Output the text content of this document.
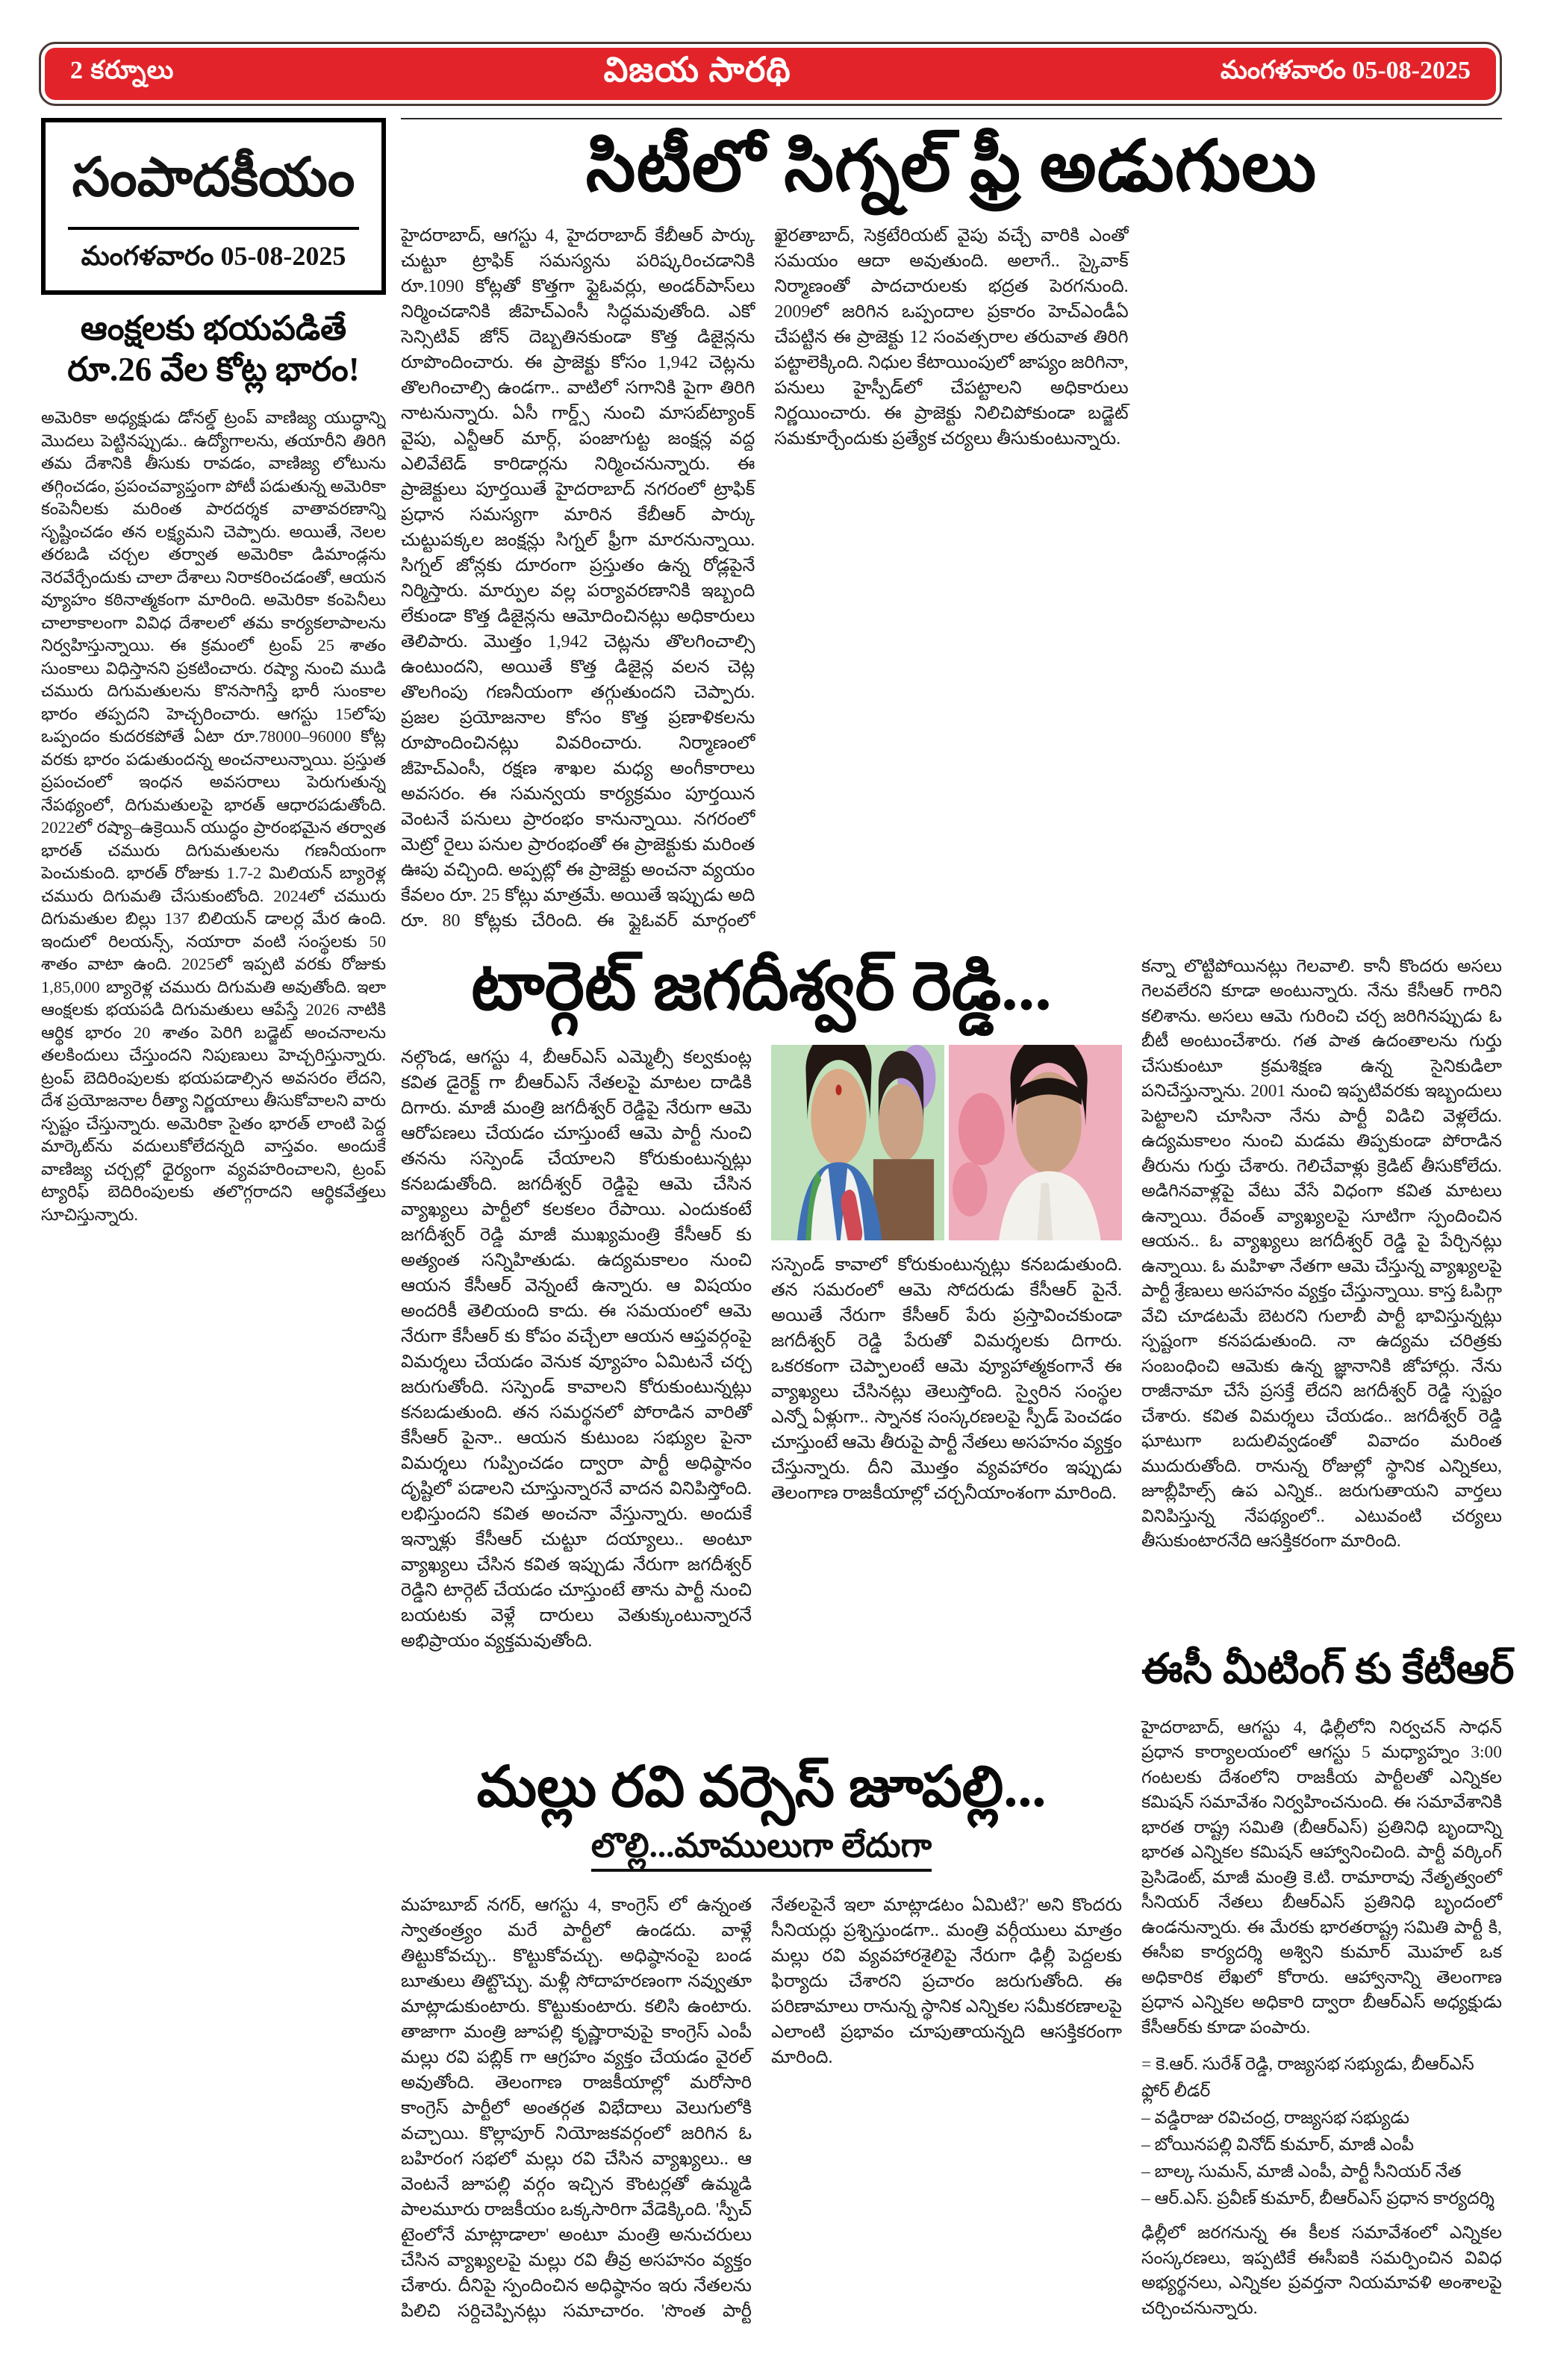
2 కర్నూలు	విజయ సారథి	మంగళవారం 05-08-2025
సంపాదకీయం
మంగళవారం 05-08-2025
ఆంక్షలకు భయపడితే రూ.26 వేల కోట్ల భారం!
అమెరికా అధ్యక్షుడు డోనల్డ్ ట్రంప్ వాణిజ్య యుద్ధాన్ని మొదలు పెట్టినప్పుడు.. ఉద్యోగాలను, తయారీని తిరిగి తమ దేశానికి తీసుకు రావడం, వాణిజ్య లోటును తగ్గించడం, ప్రపంచవ్యాప్తంగా పోటీ పడుతున్న అమెరికా కంపెనీలకు మరింత పారదర్శక వాతావరణాన్ని సృష్టించడం తన లక్ష్యమని చెప్పారు. అయితే, నెలల తరబడి చర్చల తర్వాత అమెరికా డిమాండ్లను నెరవేర్చేందుకు చాలా దేశాలు నిరాకరించడంతో, ఆయన వ్యూహం కఠినాత్మకంగా మారింది. అమెరికా కంపెనీలు చాలాకాలంగా వివిధ దేశాలలో తమ కార్యకలాపాలను నిర్వహిస్తున్నాయి. ఈ క్రమంలో ట్రంప్ 25 శాతం సుంకాలు విధిస్తానని ప్రకటించారు. రష్యా నుంచి ముడి చమురు దిగుమతులను కొనసాగిస్తే భారీ సుంకాల భారం తప్పదని హెచ్చరించారు. ఆగస్టు 15లోపు ఒప్పందం కుదరకపోతే ఏటా రూ.78000–96000 కోట్ల వరకు భారం పడుతుందన్న అంచనాలున్నాయి. ప్రస్తుత ప్రపంచంలో ఇంధన అవసరాలు పెరుగుతున్న నేపథ్యంలో, దిగుమతులపై భారత్ ఆధారపడుతోంది. 2022లో రష్యా–ఉక్రెయిన్ యుద్ధం ప్రారంభమైన తర్వాత భారత్ చమురు దిగుమతులను గణనీయంగా పెంచుకుంది. భారత్ రోజుకు 1.7-2 మిలియన్ బ్యారెళ్ల చమురు దిగుమతి చేసుకుంటోంది. 2024లో చమురు దిగుమతుల బిల్లు 137 బిలియన్ డాలర్ల మేర ఉంది. ఇందులో రిలయన్స్, నయారా వంటి సంస్థలకు 50 శాతం వాటా ఉంది. 2025లో ఇప్పటి వరకు రోజుకు 1,85,000 బ్యారెళ్ల చమురు దిగుమతి అవుతోంది. ఇలా ఆంక్షలకు భయపడి దిగుమతులు ఆపేస్తే 2026 నాటికి ఆర్థిక భారం 20 శాతం పెరిగి బడ్జెట్ అంచనాలను తలకిందులు చేస్తుందని నిపుణులు హెచ్చరిస్తున్నారు. ట్రంప్ బెదిరింపులకు భయపడాల్సిన అవసరం లేదని, దేశ ప్రయోజనాల రీత్యా నిర్ణయాలు తీసుకోవాలని వారు స్పష్టం చేస్తున్నారు. అమెరికా సైతం భారత్ లాంటి పెద్ద మార్కెట్‌ను వదులుకోలేదన్నది వాస్తవం. అందుకే వాణిజ్య చర్చల్లో ధైర్యంగా వ్యవహరించాలని, ట్రంప్ ట్యారిఫ్ బెదిరింపులకు తలొగ్గరాదని ఆర్థికవేత్తలు సూచిస్తున్నారు.
సిటీలో సిగ్నల్ ఫ్రీ అడుగులు
హైదరాబాద్, ఆగస్టు 4, హైదరాబాద్ కేబీఆర్ పార్కు చుట్టూ ట్రాఫిక్ సమస్యను పరిష్కరించడానికి రూ.1090 కోట్లతో కొత్తగా ఫ్లైఓవర్లు, అండర్‌పాస్‌లు నిర్మించడానికి జీహెచ్ఎంసీ సిద్ధమవుతోంది. ఎకో సెన్సిటివ్ జోన్ దెబ్బతినకుండా కొత్త డిజైన్లను రూపొందించారు. ఈ ప్రాజెక్టు కోసం 1,942 చెట్లను తొలగించాల్సి ఉండగా.. వాటిలో సగానికి పైగా తిరిగి నాటనున్నారు. ఏసీ గార్డ్స్ నుంచి మాసబ్‌ట్యాంక్ వైపు, ఎన్టీఆర్ మార్గ్, పంజాగుట్ట జంక్షన్ల వద్ద ఎలివేటెడ్ కారిడార్లను నిర్మించనున్నారు. ఈ ప్రాజెక్టులు పూర్తయితే హైదరాబాద్ నగరంలో ట్రాఫిక్ ప్రధాన సమస్యగా మారిన కేబీఆర్ పార్కు చుట్టుపక్కల జంక్షన్లు సిగ్నల్ ఫ్రీగా మారనున్నాయి. సిగ్నల్ జోన్లకు దూరంగా ప్రస్తుతం ఉన్న రోడ్లపైనే నిర్మిస్తారు. మార్పుల వల్ల పర్యావరణానికి ఇబ్బంది లేకుండా కొత్త డిజైన్లను ఆమోదించినట్లు అధికారులు తెలిపారు. మొత్తం 1,942 చెట్లను తొలగించాల్సి ఉంటుందని, అయితే కొత్త డిజైన్ల వలన చెట్ల తొలగింపు గణనీయంగా తగ్గుతుందని చెప్పారు. ప్రజల ప్రయోజనాల కోసం కొత్త ప్రణాళికలను రూపొందించినట్లు వివరించారు. నిర్మాణంలో జీహెచ్ఎంసీ, రక్షణ శాఖల మధ్య అంగీకారాలు అవసరం. ఈ సమన్వయ కార్యక్రమం పూర్తయిన వెంటనే పనులు ప్రారంభం కానున్నాయి. నగరంలో మెట్రో రైలు పనుల ప్రారంభంతో ఈ ప్రాజెక్టుకు మరింత ఊపు వచ్చింది. అప్పట్లో ఈ ప్రాజెక్టు అంచనా వ్యయం కేవలం రూ. 25 కోట్లు మాత్రమే. అయితే ఇప్పుడు అది రూ. 80 కోట్లకు చేరింది. ఈ ఫ్లైఓవర్ మార్గంలో ఖైరతాబాద్, సెక్రటేరియట్ వైపు వచ్చే వారికి ఎంతో సమయం ఆదా అవుతుంది. అలాగే.. స్కైవాక్ నిర్మాణంతో పాదచారులకు భద్రత పెరగనుంది. 2009లో జరిగిన ఒప్పందాల ప్రకారం హెచ్ఎండీఏ చేపట్టిన ఈ ప్రాజెక్టు 12 సంవత్సరాల తరువాత తిరిగి పట్టాలెక్కింది. నిధుల కేటాయింపులో జాప్యం జరిగినా, పనులు హైస్పీడ్‌లో చేపట్టాలని అధికారులు నిర్ణయించారు. ఈ ప్రాజెక్టు నిలిచిపోకుండా బడ్జెట్ సమకూర్చేందుకు ప్రత్యేక చర్యలు తీసుకుంటున్నారు.
టార్గెట్ జగదీశ్వర్ రెడ్డి...
నల్గొండ, ఆగస్టు 4, బీఆర్ఎస్ ఎమ్మెల్సీ కల్వకుంట్ల కవిత డైరెక్ట్ గా బీఆర్ఎస్ నేతలపై మాటల దాడికి దిగారు. మాజీ మంత్రి జగదీశ్వర్ రెడ్డిపై నేరుగా ఆమె ఆరోపణలు చేయడం చూస్తుంటే ఆమె పార్టీ నుంచి తనను సస్పెండ్ చేయాలని కోరుకుంటున్నట్లు కనబడుతోంది. జగదీశ్వర్ రెడ్డిపై ఆమె చేసిన వ్యాఖ్యలు పార్టీలో కలకలం రేపాయి. ఎందుకంటే జగదీశ్వర్ రెడ్డి మాజీ ముఖ్యమంత్రి కేసీఆర్ కు అత్యంత సన్నిహితుడు. ఉద్యమకాలం నుంచి ఆయన కేసీఆర్ వెన్నంటే ఉన్నారు. ఆ విషయం అందరికీ తెలియంది కాదు. ఈ సమయంలో ఆమె నేరుగా కేసీఆర్ కు కోపం వచ్చేలా ఆయన ఆప్తవర్గంపై విమర్శలు చేయడం వెనుక వ్యూహం ఏమిటనే చర్చ జరుగుతోంది. సస్పెండ్ కావాలని కోరుకుంటున్నట్లు కనబడుతుంది. తన సమర్థనలో పోరాడిన వారితో కేసీఆర్ పైనా.. ఆయన కుటుంబ సభ్యుల పైనా విమర్శలు గుప్పించడం ద్వారా పార్టీ అధిష్ఠానం దృష్టిలో పడాలని చూస్తున్నారనే వాదన వినిపిస్తోంది. లభిస్తుందని కవిత అంచనా వేస్తున్నారు. అందుకే ఇన్నాళ్లు కేసీఆర్ చుట్టూ దయ్యాలు.. అంటూ వ్యాఖ్యలు చేసిన కవిత ఇప్పుడు నేరుగా జగదీశ్వర్ రెడ్డిని టార్గెట్ చేయడం చూస్తుంటే తాను పార్టీ నుంచి బయటకు వెళ్లే దారులు వెతుక్కుంటున్నారనే అభిప్రాయం వ్యక్తమవుతోంది.
సస్పెండ్ కావాలో కోరుకుంటున్నట్లు కనబడుతుంది. తన సమరంలో ఆమె సోదరుడు కేసీఆర్ పైనే. అయితే నేరుగా కేసీఆర్ పేరు ప్రస్తావించకుండా జగదీశ్వర్ రెడ్డి పేరుతో విమర్శలకు దిగారు. ఒకరకంగా చెప్పాలంటే ఆమె వ్యూహాత్మకంగానే ఈ వ్యాఖ్యలు చేసినట్లు తెలుస్తోంది. స్వైరిన సంస్థల ఎన్నో ఏళ్లుగా.. స్నానక సంస్కరణలపై స్పీడ్ పెంచడం చూస్తుంటే ఆమె తీరుపై పార్టీ నేతలు అసహనం వ్యక్తం చేస్తున్నారు. దీని మొత్తం వ్యవహారం ఇప్పుడు తెలంగాణ రాజకీయాల్లో చర్చనీయాంశంగా మారింది.
మల్లు రవి వర్సెస్ జూపల్లి...
లొల్లి...మాములుగా లేదుగా
మహబూబ్ నగర్, ఆగస్టు 4, కాంగ్రెస్ లో ఉన్నంత స్వాతంత్ర్యం మరే పార్టీలో ఉండదు. వాళ్లే తిట్టుకోవచ్చు.. కొట్టుకోవచ్చు. అధిష్ఠానంపై బండ బూతులు తిట్టొచ్చు. మళ్లీ సోదాహరణంగా నవ్వుతూ మాట్లాడుకుంటారు. కొట్టుకుంటారు. కలిసి ఉంటారు. తాజాగా మంత్రి జూపల్లి కృష్ణారావుపై కాంగ్రెస్ ఎంపీ మల్లు రవి పబ్లిక్ గా ఆగ్రహం వ్యక్తం చేయడం వైరల్ అవుతోంది. తెలంగాణ రాజకీయాల్లో మరోసారి కాంగ్రెస్ పార్టీలో అంతర్గత విభేదాలు వెలుగులోకి వచ్చాయి. కొల్లాపూర్ నియోజకవర్గంలో జరిగిన ఓ బహిరంగ సభలో మల్లు రవి చేసిన వ్యాఖ్యలు.. ఆ వెంటనే జూపల్లి వర్గం ఇచ్చిన కౌంటర్లతో ఉమ్మడి పాలమూరు రాజకీయం ఒక్కసారిగా వేడెక్కింది. 'స్పీచ్ టైంలోనే మాట్లాడాలా' అంటూ మంత్రి అనుచరులు చేసిన వ్యాఖ్యలపై మల్లు రవి తీవ్ర అసహనం వ్యక్తం చేశారు. దీనిపై స్పందించిన అధిష్ఠానం ఇరు నేతలను పిలిచి సర్దిచెప్పినట్లు సమాచారం. 'సొంత పార్టీ నేతలపైనే ఇలా మాట్లాడటం ఏమిటి?' అని కొందరు సీనియర్లు ప్రశ్నిస్తుండగా.. మంత్రి వర్గీయులు మాత్రం మల్లు రవి వ్యవహారశైలిపై నేరుగా ఢిల్లీ పెద్దలకు ఫిర్యాదు చేశారని ప్రచారం జరుగుతోంది. ఈ పరిణామాలు రానున్న స్థానిక ఎన్నికల సమీకరణాలపై ఎలాంటి ప్రభావం చూపుతాయన్నది ఆసక్తికరంగా మారింది.
కన్నా లొట్టిపోయినట్లు గెలవాలి. కానీ కొందరు అసలు గెలవలేరని కూడా అంటున్నారు. నేను కేసీఆర్ గారిని కలిశాను. అసలు ఆమె గురించి చర్చ జరిగినప్పుడు ఓ బీటీ అంటుంచేశారు. గత పాత ఉదంతాలను గుర్తు చేసుకుంటూ క్రమశిక్షణ ఉన్న సైనికుడిలా పనిచేస్తున్నాను. 2001 నుంచి ఇప్పటివరకు ఇబ్బందులు పెట్టాలని చూసినా నేను పార్టీ విడిచి వెళ్లలేదు. ఉద్యమకాలం నుంచి మడమ తిప్పకుండా పోరాడిన తీరును గుర్తు చేశారు. గెలిచేవాళ్లు క్రెడిట్ తీసుకోలేదు. అడిగినవాళ్లపై వేటు వేసే విధంగా కవిత మాటలు ఉన్నాయి. రేవంత్ వ్యాఖ్యలపై సూటిగా స్పందించిన ఆయన.. ఓ వ్యాఖ్యలు జగదీశ్వర్ రెడ్డి పై పేర్చినట్లు ఉన్నాయి. ఓ మహిళా నేతగా ఆమె చేస్తున్న వ్యాఖ్యలపై పార్టీ శ్రేణులు అసహనం వ్యక్తం చేస్తున్నాయి. కాస్త ఓపిగ్గా వేచి చూడటమే బెటరని గులాబీ పార్టీ భావిస్తున్నట్లు స్పష్టంగా కనపడుతుంది. నా ఉద్యమ చరిత్రకు సంబంధించి ఆమెకు ఉన్న జ్ఞానానికి జోహార్లు. నేను రాజీనామా చేసే ప్రసక్తే లేదని జగదీశ్వర్ రెడ్డి స్పష్టం చేశారు. కవిత విమర్శలు చేయడం.. జగదీశ్వర్ రెడ్డి ఘాటుగా బదులివ్వడంతో వివాదం మరింత ముదురుతోంది. రానున్న రోజుల్లో స్థానిక ఎన్నికలు, జూబ్లీహిల్స్ ఉప ఎన్నిక.. జరుగుతాయని వార్తలు వినిపిస్తున్న నేపథ్యంలో.. ఎటువంటి చర్యలు తీసుకుంటారనేది ఆసక్తికరంగా మారింది.
ఈసీ మీటింగ్ కు కేటీఆర్
హైదరాబాద్, ఆగస్టు 4, ఢిల్లీలోని నిర్వచన్ సాధన్ ప్రధాన కార్యాలయంలో ఆగస్టు 5 మధ్యాహ్నం 3:00 గంటలకు దేశంలోని రాజకీయ పార్టీలతో ఎన్నికల కమిషన్ సమావేశం నిర్వహించనుంది. ఈ సమావేశానికి భారత రాష్ట్ర సమితి (బీఆర్ఎస్) ప్రతినిధి బృందాన్ని భారత ఎన్నికల కమిషన్ ఆహ్వానించింది. పార్టీ వర్కింగ్ ప్రెసిడెంట్, మాజీ మంత్రి కె.టి. రామారావు నేతృత్వంలో సీనియర్ నేతలు బీఆర్ఎస్ ప్రతినిధి బృందంలో ఉండనున్నారు. ఈ మేరకు భారతరాష్ట్ర సమితి పార్టీ కి, ఈసీఐ కార్యదర్శి అశ్విని కుమార్ మొహల్ ఒక అధికారిక లేఖలో కోరారు. ఆహ్వానాన్ని తెలంగాణ ప్రధాన ఎన్నికల అధికారి ద్వారా బీఆర్ఎస్ అధ్యక్షుడు కేసీఆర్‌కు కూడా పంపారు.
= కె.ఆర్. సురేశ్ రెడ్డి, రాజ్యసభ సభ్యుడు, బీఆర్ఎస్ ఫ్లోర్ లీడర్
– వడ్డిరాజు రవిచంద్ర, రాజ్యసభ సభ్యుడు
– బోయినపల్లి వినోద్ కుమార్, మాజీ ఎంపీ
– బాల్క సుమన్, మాజీ ఎంపీ, పార్టీ సీనియర్ నేత
– ఆర్.ఎస్. ప్రవీణ్ కుమార్, బీఆర్ఎస్ ప్రధాన కార్యదర్శి
ఢిల్లీలో జరగనున్న ఈ కీలక సమావేశంలో ఎన్నికల సంస్కరణలు, ఇప్పటికే ఈసీఐకి సమర్పించిన వివిధ అభ్యర్థనలు, ఎన్నికల ప్రవర్తనా నియమావళి అంశాలపై చర్చించనున్నారు.
